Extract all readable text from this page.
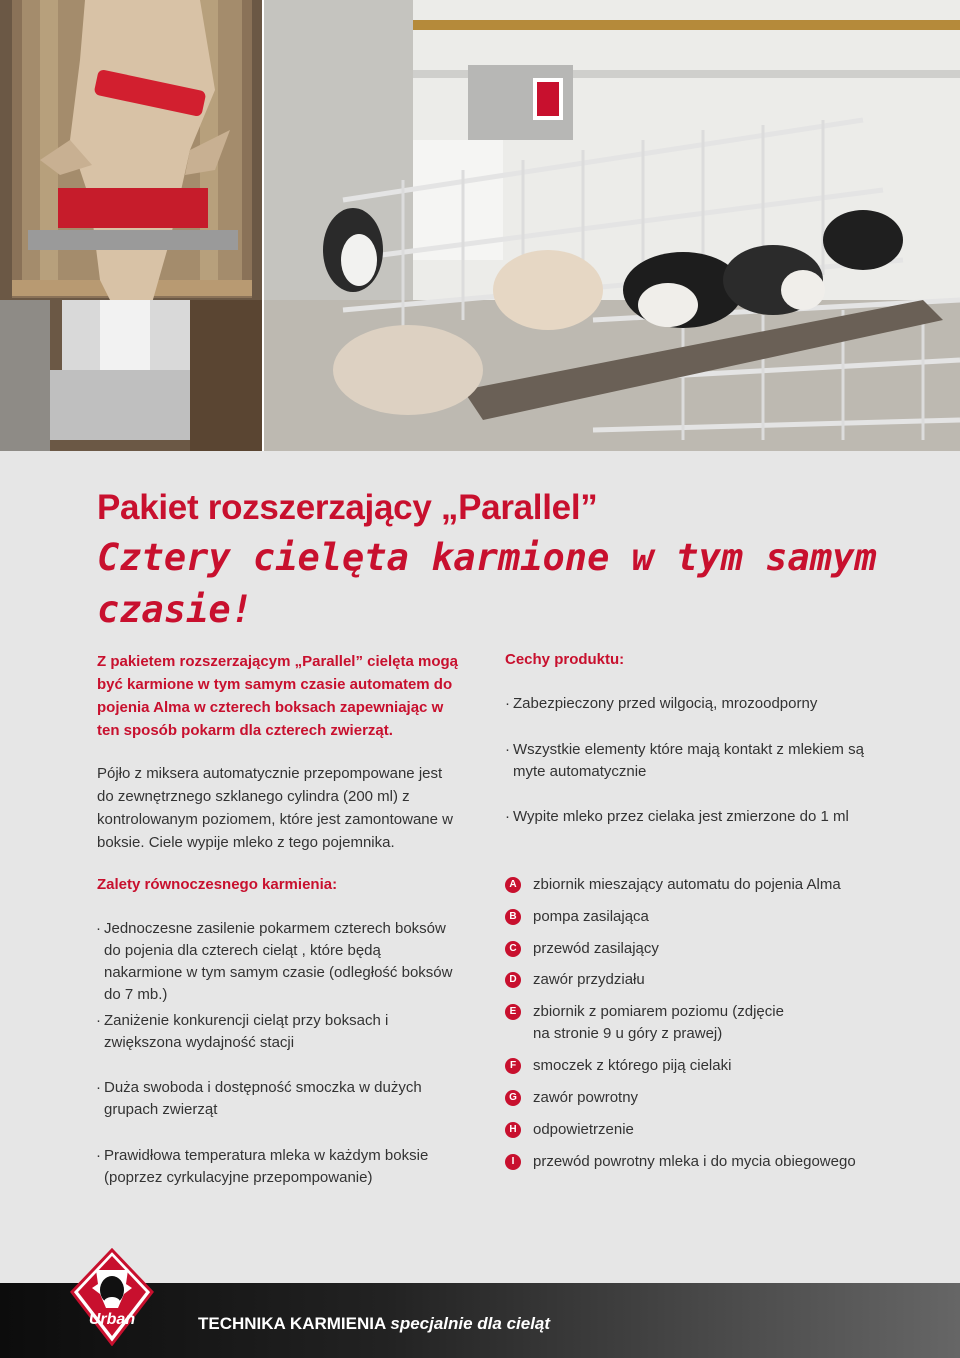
Pakiet rozszerzający „Parallel”
Cztery cielęta karmione w tym samym czasie!

Z pakietem rozszerzającym „Parallel” cielęta mogą być karmione w tym samym czasie automatem do pojenia Alma w czterech boksach zapewniając w ten sposób pokarm dla czterech zwierząt.

Pójło z miksera automatycznie przepompowane jest do zewnętrznego szklanego cylindra (200 ml) z kontrolowanym poziomem, które jest zamontowane w boksie. Ciele wypije mleko z tego pojemnika.

Cechy produktu:

· Zabezpieczony przed wilgocią, mrozoodporny

· Wszystkie elementy które mają kontakt z mlekiem są myte automatycznie

· Wypite mleko przez cielaka jest zmierzone do 1 ml

Zalety równoczesnego karmienia:

· Jednoczesne zasilenie pokarmem czterech boksów do pojenia dla czterech cieląt , które będą nakarmione w tym samym czasie (odległość boksów do 7 mb.)

· Zaniżenie konkurencji cieląt przy boksach i zwiększona wydajność stacji

· Duża swoboda i dostępność smoczka w dużych grupach zwierząt

· Prawidłowa temperatura mleka w każdym boksie (poprzez cyrkulacyjne przepompowanie)

A zbiornik mieszający automatu do pojenia Alma
B pompa zasilająca
C przewód zasilający
D zawór przydziału
E	zbiornik z pomiarem poziomu (zdjęcie na stronie 9 u góry z prawej)
F	smoczek z którego piją cielaki
G zawór powrotny
H odpowietrzenie
I	przewód powrotny mleka i do mycia obiegowego
TECHNIKA KARMIENIA specjalnie dla cieląt
Urban
